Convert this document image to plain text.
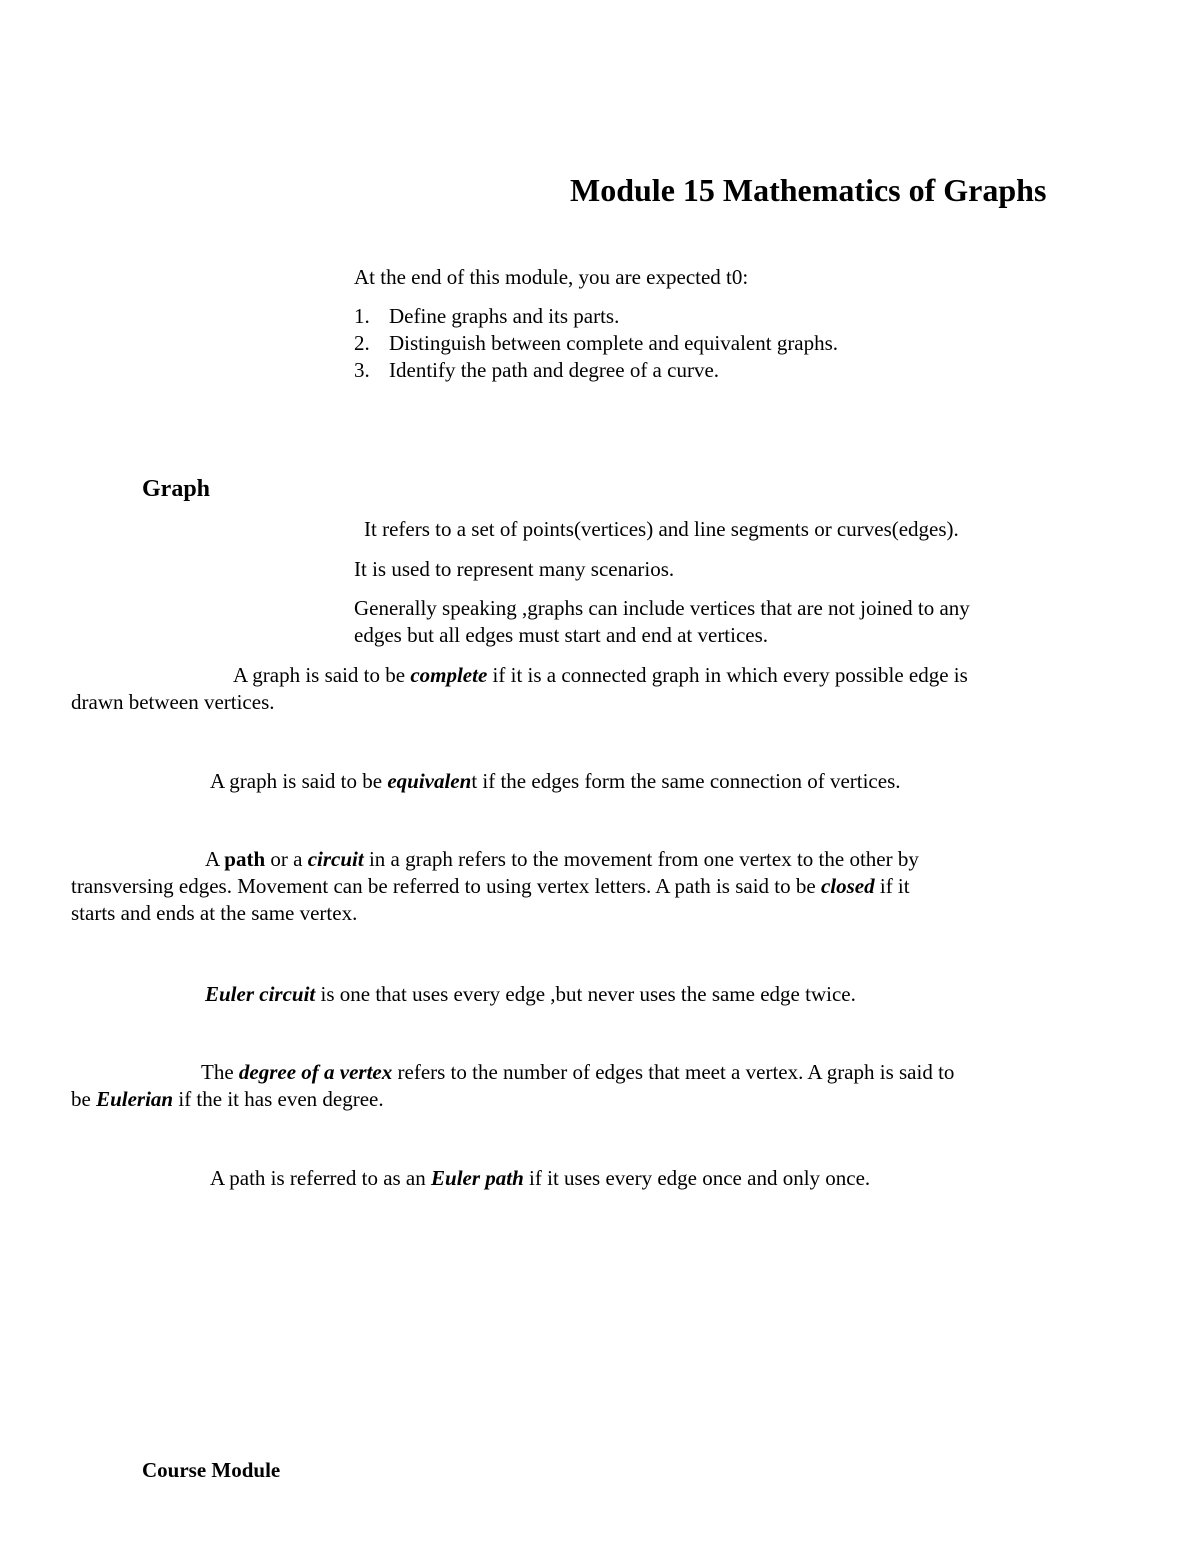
Module 15 Mathematics of Graphs

At the end of this module, you are expected t0:

1. Define graphs and its parts.
2. Distinguish between complete and equivalent graphs.
3. Identify the path and degree of a curve.
Graph

It refers to a set of points(vertices) and line segments or curves(edges).

It is used to represent many scenarios.

Generally speaking ,graphs can include vertices that are not joined to any
edges but all edges must start and end at vertices.

A graph is said to be complete if it is a connected graph in which every possible edge is
drawn between vertices.

A graph is said to be equivalent if the edges form the same connection of vertices.

A path or a circuit in a graph refers to the movement from one vertex to the other by
transversing edges. Movement can be referred to using vertex letters. A path is said to be closed if it
starts and ends at the same vertex.

Euler circuit is one that uses every edge ,but never uses the same edge twice.

The degree of a vertex refers to the number of edges that meet a vertex. A graph is said to
be Eulerian if the it has even degree.

A path is referred to as an Euler path if it uses every edge once and only once.

Course Module
